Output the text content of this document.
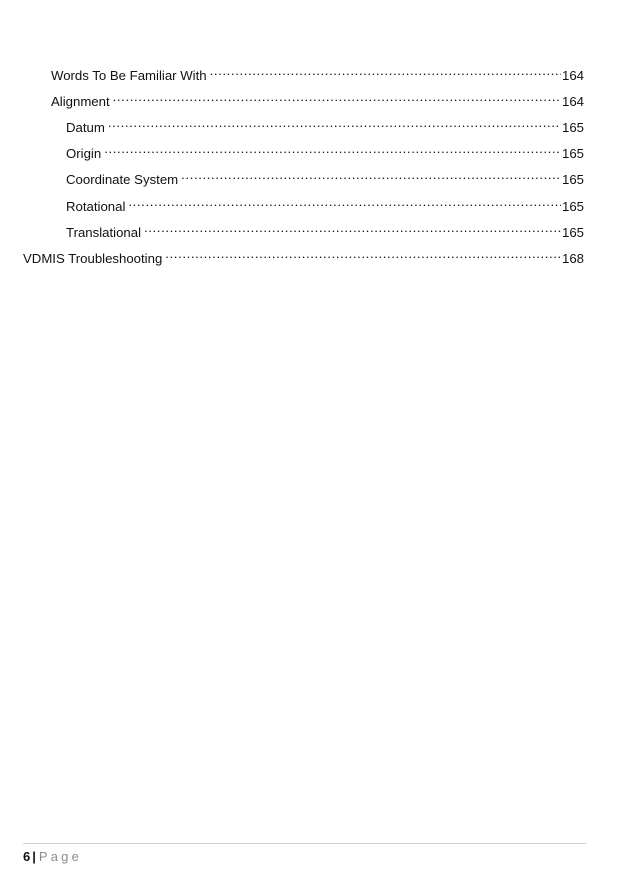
Words To Be Familiar With .....	164
Alignment .....	164
Datum .....	165
Origin .....	165
Coordinate System .....	165
Rotational .....	165
Translational .....	165
VDMIS Troubleshooting .....	168
6 | Page
